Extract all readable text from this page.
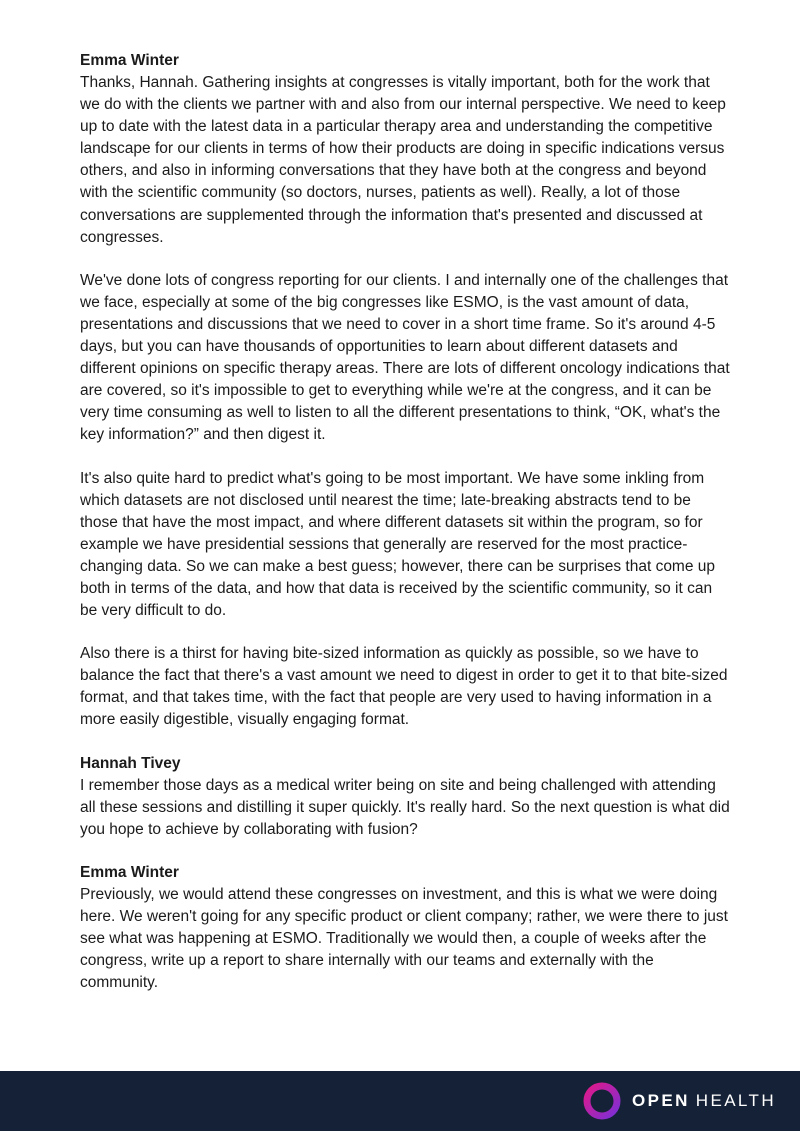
Emma Winter

Thanks, Hannah. Gathering insights at congresses is vitally important, both for the work that we do with the clients we partner with and also from our internal perspective. We need to keep up to date with the latest data in a particular therapy area and understanding the competitive landscape for our clients in terms of how their products are doing in specific indications versus others, and also in informing conversations that they have both at the congress and beyond with the scientific community (so doctors, nurses, patients as well). Really, a lot of those conversations are supplemented through the information that's presented and discussed at congresses.

We've done lots of congress reporting for our clients. I and internally one of the challenges that we face, especially at some of the big congresses like ESMO, is the vast amount of data, presentations and discussions that we need to cover in a short time frame. So it's around 4-5 days, but you can have thousands of opportunities to learn about different datasets and different opinions on specific therapy areas. There are lots of different oncology indications that are covered, so it's impossible to get to everything while we're at the congress, and it can be very time consuming as well to listen to all the different presentations to think, “OK, what's the key information?” and then digest it.

It's also quite hard to predict what's going to be most important. We have some inkling from which datasets are not disclosed until nearest the time; late-breaking abstracts tend to be those that have the most impact, and where different datasets sit within the program, so for example we have presidential sessions that generally are reserved for the most practice-changing data. So we can make a best guess; however, there can be surprises that come up both in terms of the data, and how that data is received by the scientific community, so it can be very difficult to do.

Also there is a thirst for having bite-sized information as quickly as possible, so we have to balance the fact that there's a vast amount we need to digest in order to get it to that bite-sized format, and that takes time, with the fact that people are very used to having information in a more easily digestible, visually engaging format.

Hannah Tivey

I remember those days as a medical writer being on site and being challenged with attending all these sessions and distilling it super quickly. It's really hard. So the next question is what did you hope to achieve by collaborating with fusion?

Emma Winter

Previously, we would attend these congresses on investment, and this is what we were doing here. We weren't going for any specific product or client company; rather, we were there to just see what was happening at ESMO. Traditionally we would then, a couple of weeks after the congress, write up a report to share internally with our teams and externally with the community.

OPEN HEALTH
